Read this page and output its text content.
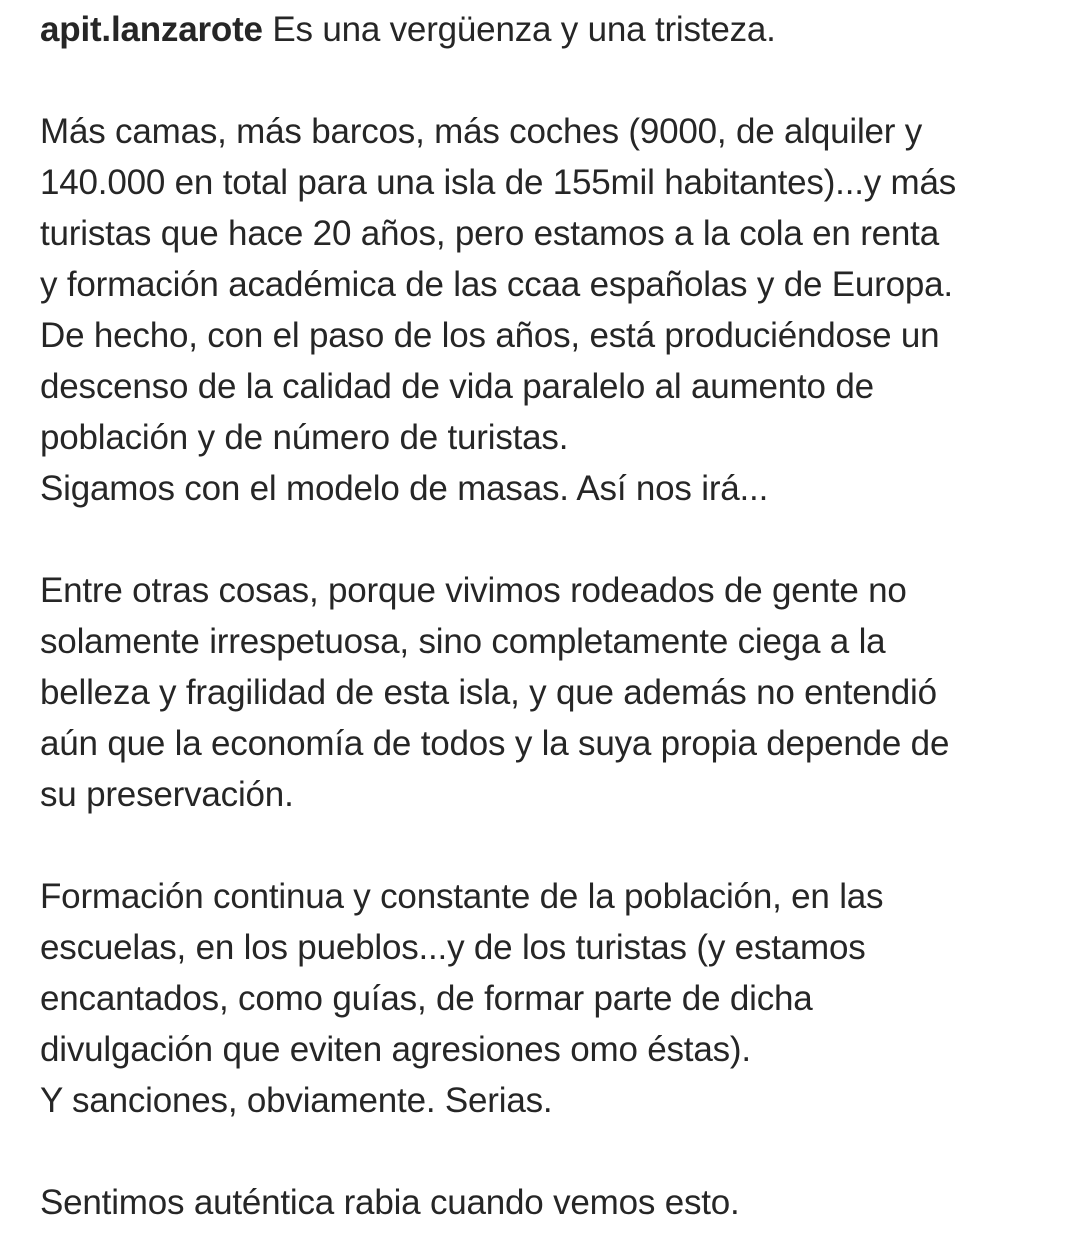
apit.lanzarote Es una vergüenza y una tristeza.
Más camas, más barcos, más coches (9000, de alquiler y
140.000 en total para una isla de 155mil habitantes)...y más
turistas que hace 20 años, pero estamos a la cola en renta
y formación académica de las ccaa españolas y de Europa.
De hecho, con el paso de los años, está produciéndose un
descenso de la calidad de vida paralelo al aumento de
población y de número de turistas.
Sigamos con el modelo de masas. Así nos irá...
Entre otras cosas, porque vivimos rodeados de gente no
solamente irrespetuosa, sino completamente ciega a la
belleza y fragilidad de esta isla, y que además no entendió
aún que la economía de todos y la suya propia depende de
su preservación.
Formación continua y constante de la población, en las
escuelas, en los pueblos...y de los turistas (y estamos
encantados, como guías, de formar parte de dicha
divulgación que eviten agresiones omo éstas).
Y sanciones, obviamente. Serias.
Sentimos auténtica rabia cuando vemos esto.
